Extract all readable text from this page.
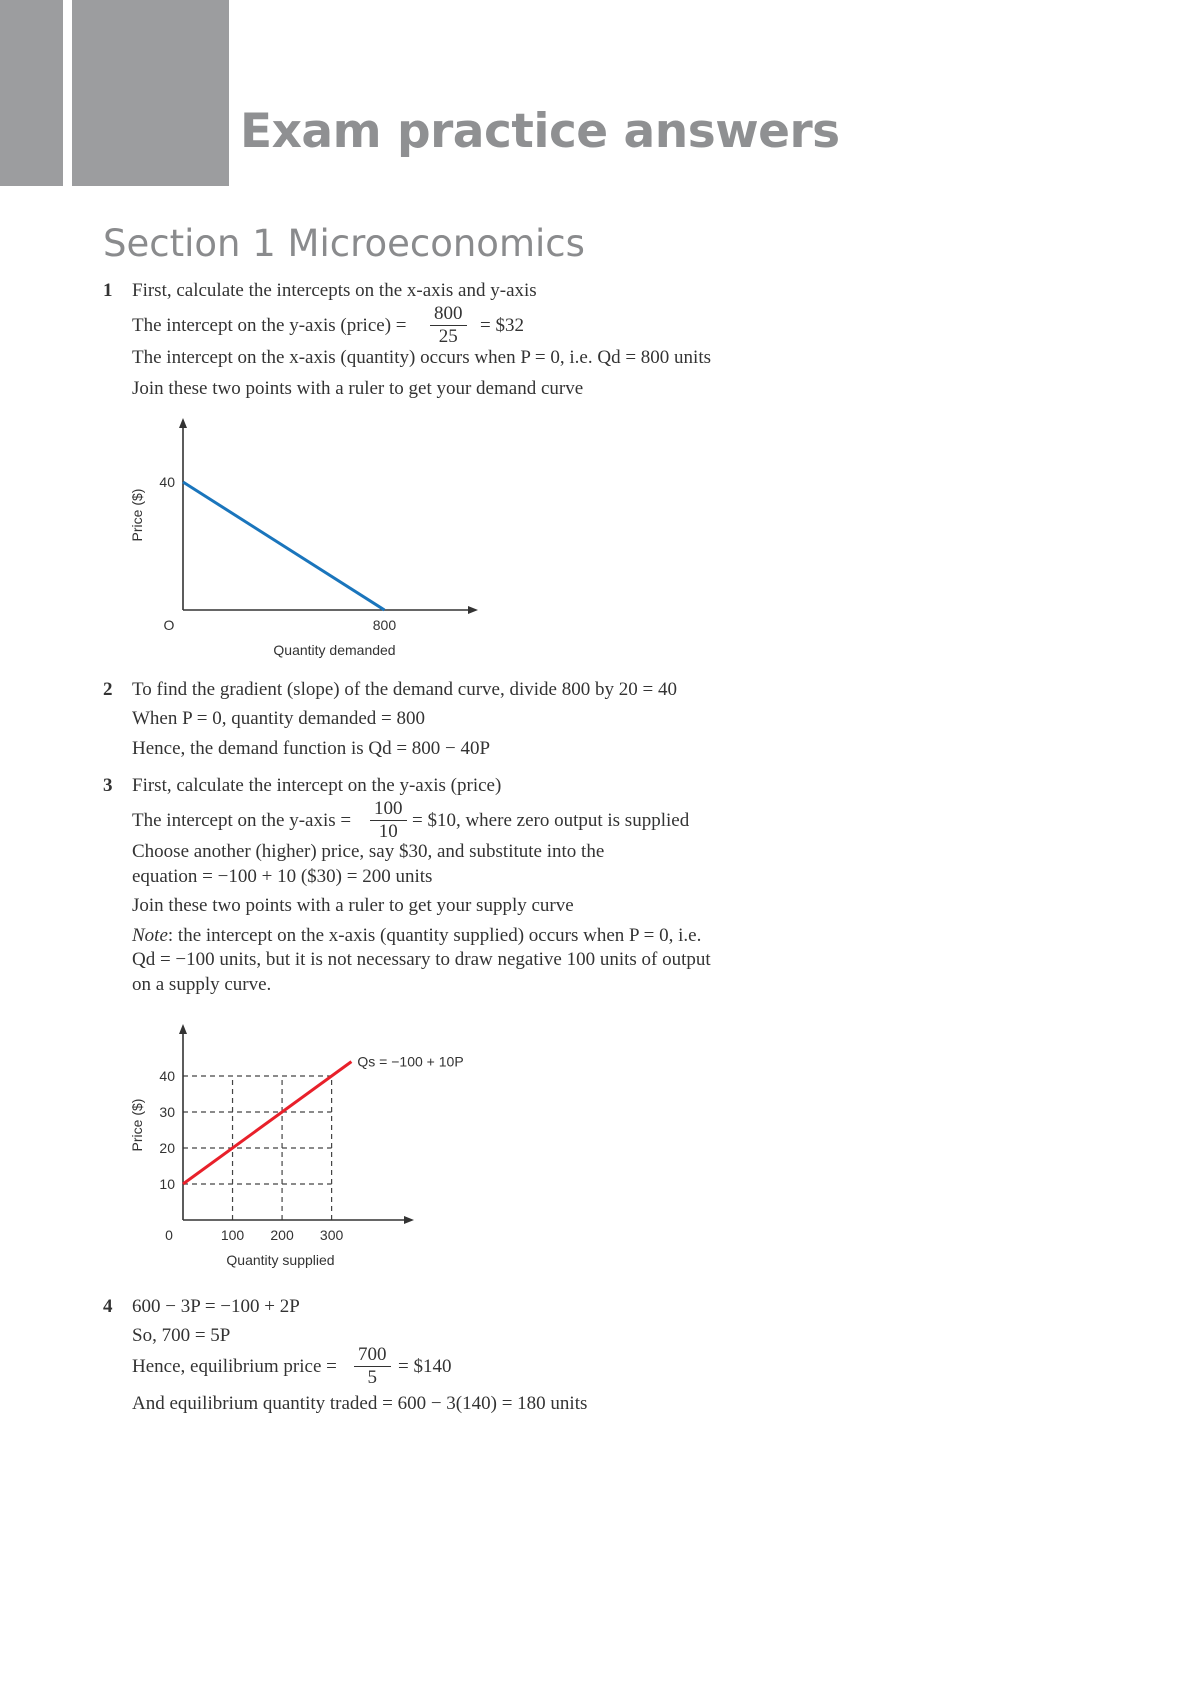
Exam practice answers
Section 1 Microeconomics
1 First, calculate the intercepts on the x-axis and y-axis
The intercept on the y-axis (price) = $\frac{800}{25}$ = $32
The intercept on the x-axis (quantity) occurs when P = 0, i.e. Qd = 800 units
Join these two points with a ruler to get your demand curve
800
40
O
Quantity demanded
Price ($)
2 To find the gradient (slope) of the demand curve, divide 800 by 20 = 40
When P = 0, quantity demanded = 800
Hence, the demand function is Qd = 800 − 40P
3 First, calculate the intercept on the y-axis (price)
The intercept on the y-axis = $\frac{100}{10}$ = $10, where zero output is supplied
Choose another (higher) price, say $30, and substitute into the
equation = −100 + 10 ($30) = 200 units
Join these two points with a ruler to get your supply curve
Note: the intercept on the x-axis (quantity supplied) occurs when P = 0, i.e.
Qd = −100 units, but it is not necessary to draw negative 100 units of output
on a supply curve.
Qs = −100 + 10P
100 200 300
10
20
30
40
0
Quantity supplied
Price ($)
4 600 − 3P = −100 + 2P
So, 700 = 5P
Hence, equilibrium price = $\frac{700}{5}$ = $140
And equilibrium quantity traded = 600 − 3(140) = 180 units
